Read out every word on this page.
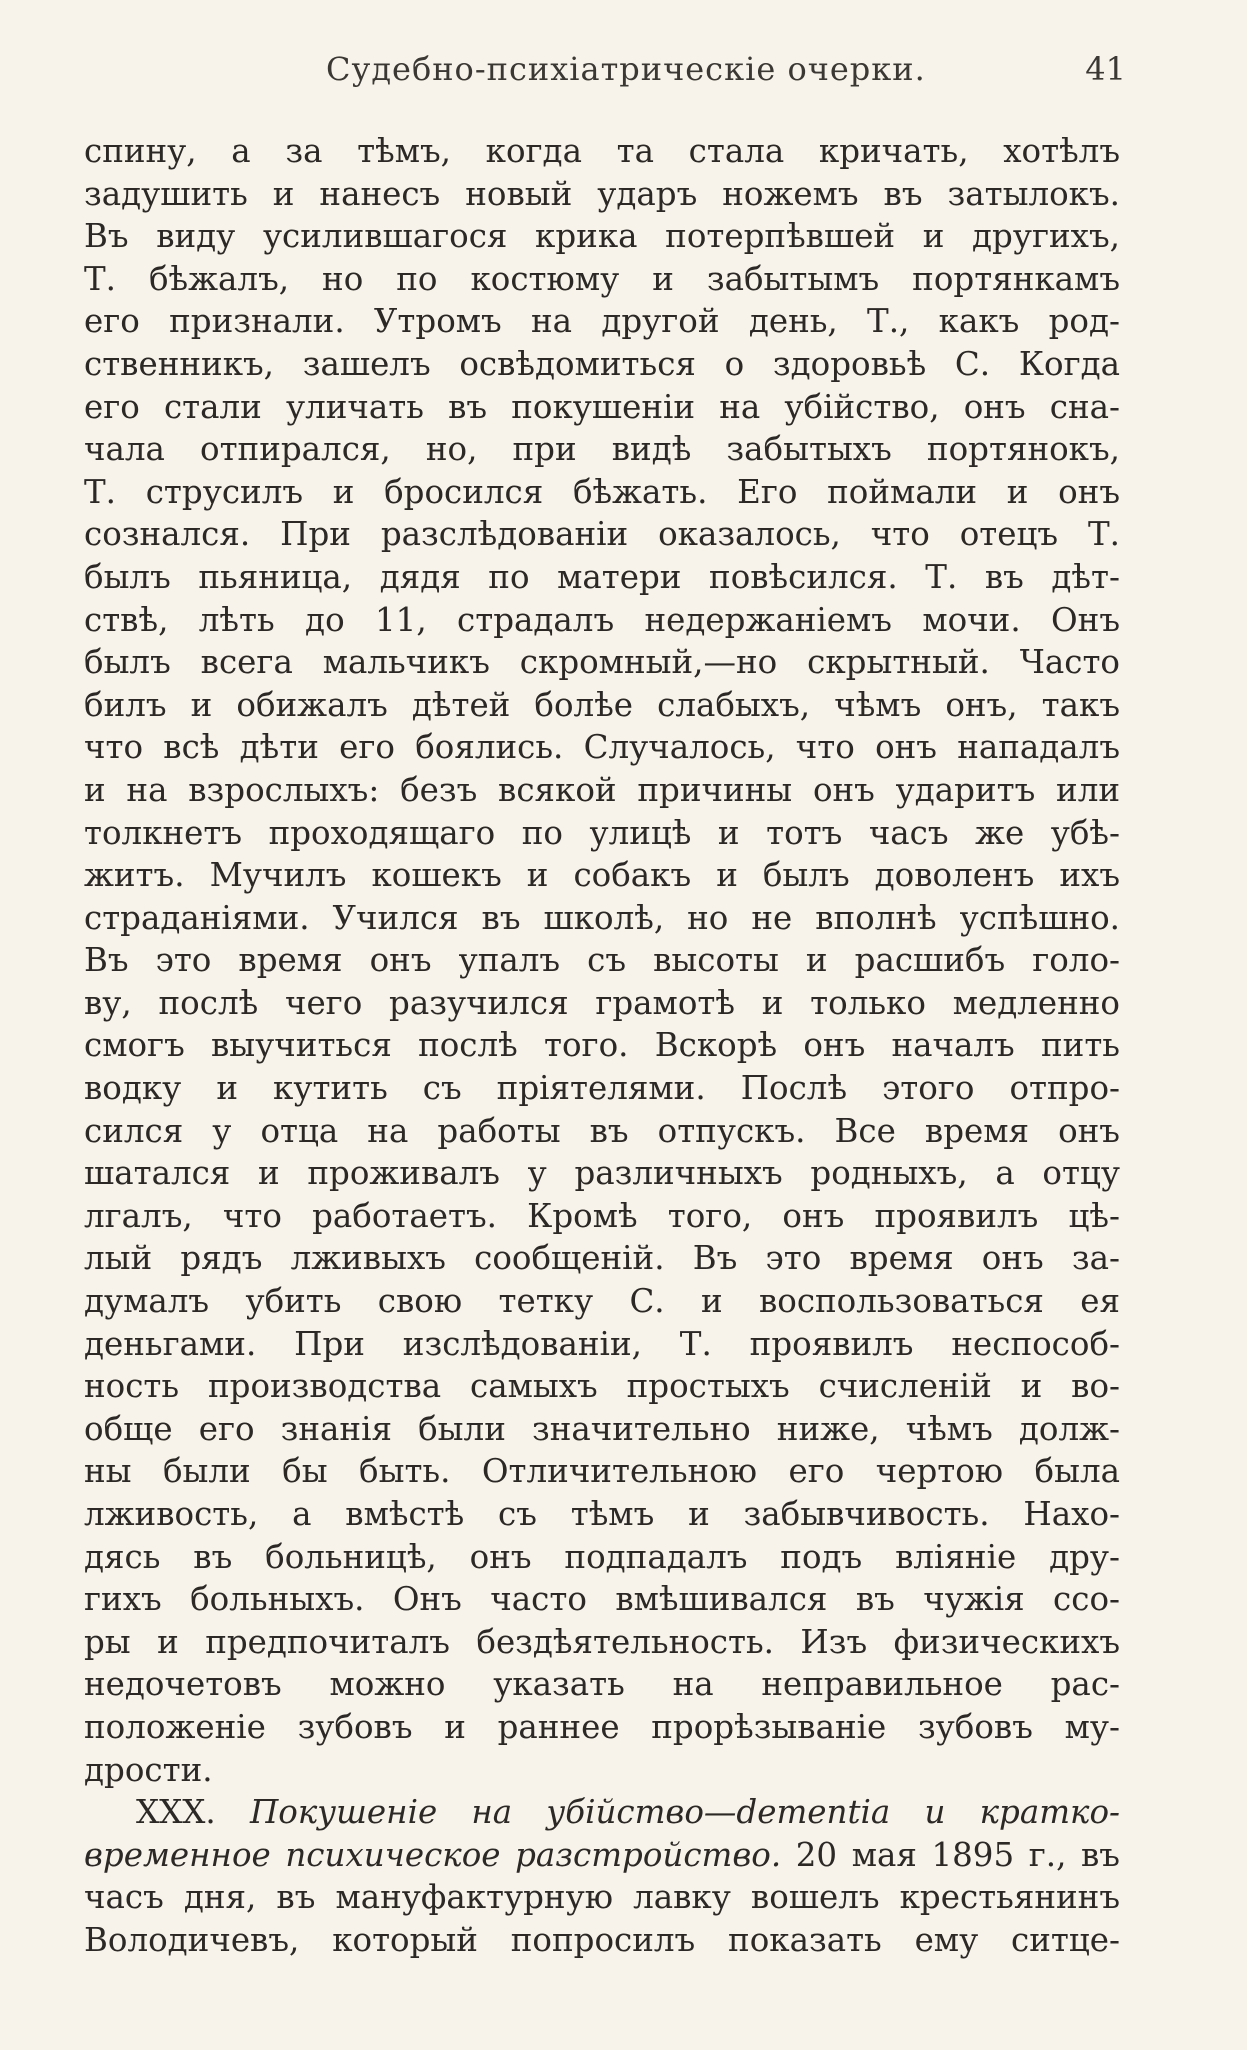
Судебно-психіатрическіе очерки.	41
спину, а за тѣмъ, когда та стала кричать, хотѣлъ
задушить и нанесъ новый ударъ ножемъ въ затылокъ.
Въ виду усилившагося крика потерпѣвшей и другихъ,
Т. бѣжалъ, но по костюму и забытымъ портянкамъ
его признали. Утромъ на другой день, Т., какъ род-
ственникъ, зашелъ освѣдомиться о здоровьѣ С. Когда
его стали уличать въ покушеніи на убійство, онъ сна-
чала отпирался, но, при видѣ забытыхъ портянокъ,
Т. струсилъ и бросился бѣжать. Его поймали и онъ
сознался. При разслѣдованіи оказалось, что отецъ Т.
былъ пьяница, дядя по матери повѣсился. Т. въ дѣт-
ствѣ, лѣть до 11, страдалъ недержаніемъ мочи. Онъ
былъ всега мальчикъ скромный,—но скрытный. Часто
билъ и обижалъ дѣтей болѣе слабыхъ, чѣмъ онъ, такъ
что всѣ дѣти его боялись. Случалось, что онъ нападалъ
и на взрослыхъ: безъ всякой причины онъ ударитъ или
толкнетъ проходящаго по улицѣ и тотъ часъ же убѣ-
житъ. Мучилъ кошекъ и собакъ и былъ доволенъ ихъ
страданіями. Учился въ школѣ, но не вполнѣ успѣшно.
Въ это время онъ упалъ съ высоты и расшибъ голо-
ву, послѣ чего разучился грамотѣ и только медленно
смогъ выучиться послѣ того. Вскорѣ онъ началъ пить
водку и кутить съ пріятелями. Послѣ этого отпро-
сился у отца на работы въ отпускъ. Все время онъ
шатался и проживалъ у различныхъ родныхъ, а отцу
лгалъ, что работаетъ. Кромѣ того, онъ проявилъ цѣ-
лый рядъ лживыхъ сообщеній. Въ это время онъ за-
думалъ убить свою тетку С. и воспользоваться ея
деньгами. При изслѣдованіи, Т. проявилъ неспособ-
ность производства самыхъ простыхъ счисленій и во-
обще его знанія были значительно ниже, чѣмъ долж-
ны были бы быть. Отличительною его чертою была
лживость, а вмѣстѣ съ тѣмъ и забывчивость. Нахо-
дясь въ больницѣ, онъ подпадалъ подъ вліяніе дру-
гихъ больныхъ. Онъ часто вмѣшивался въ чужія ссо-
ры и предпочиталъ бездѣятельность. Изъ физическихъ
недочетовъ можно указать на неправильное рас-
положеніе зубовъ и раннее прорѣзываніе зубовъ му-
дрости.
XXX. Покушеніе на убійство—dementia и кратко-
временное психическое разстройство. 20 мая 1895 г., въ
часъ дня, въ мануфактурную лавку вошелъ крестьянинъ
Володичевъ, который попросилъ показать ему ситце-
